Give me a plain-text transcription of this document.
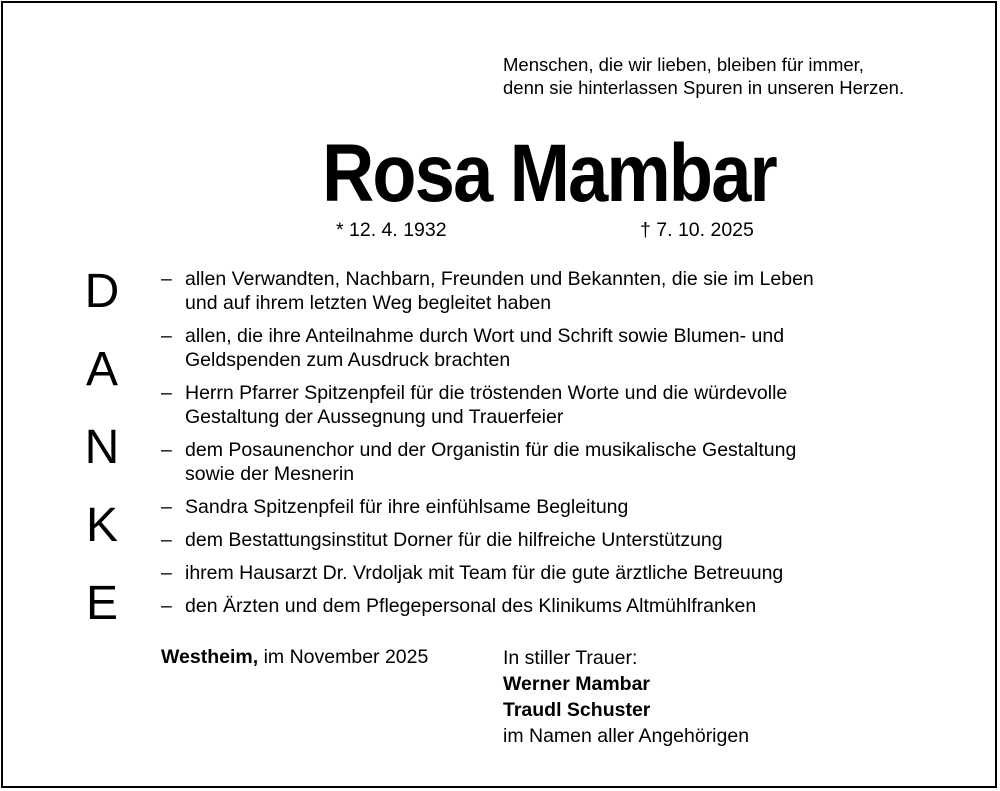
Menschen, die wir lieben, bleiben für immer,
denn sie hinterlassen Spuren in unseren Herzen.
Rosa Mambar
* 12. 4. 1932	† 7. 10. 2025
D
A
N
K
E
– allen Verwandten, Nachbarn, Freunden und Bekannten, die sie im Leben
und auf ihrem letzten Weg begleitet haben
– allen, die ihre Anteilnahme durch Wort und Schrift sowie Blumen- und
Geldspenden zum Ausdruck brachten
– Herrn Pfarrer Spitzenpfeil für die tröstenden Worte und die würdevolle
Gestaltung der Aussegnung und Trauerfeier
– dem Posaunenchor und der Organistin für die musikalische Gestaltung
sowie der Mesnerin
– Sandra Spitzenpfeil für ihre einfühlsame Begleitung
– dem Bestattungsinstitut Dorner für die hilfreiche Unterstützung
– ihrem Hausarzt Dr. Vrdoljak mit Team für die gute ärztliche Betreuung
– den Ärzten und dem Pflegepersonal des Klinikums Altmühlfranken
Westheim, im November 2025	In stiller Trauer:
Werner Mambar
Traudl Schuster
im Namen aller Angehörigen
